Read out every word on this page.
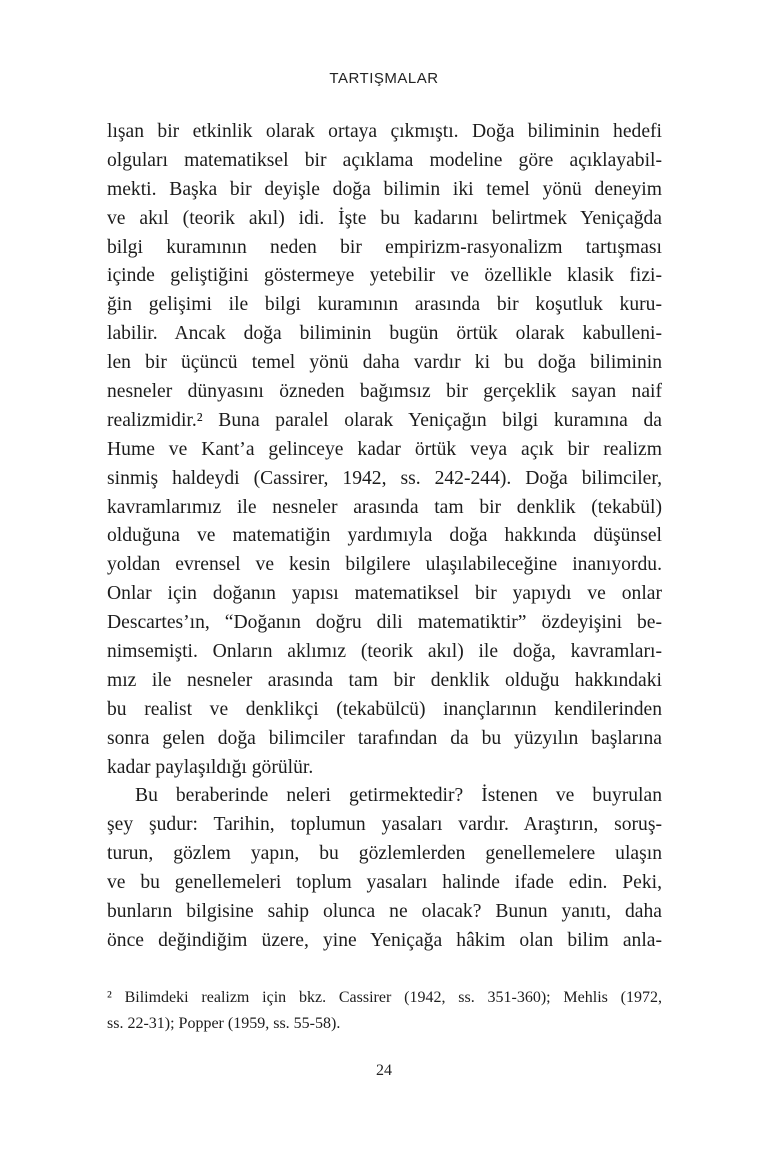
TARTIŞMALAR
lışan bir etkinlik olarak ortaya çıkmıştı. Doğa biliminin hedefi
olguları matematiksel bir açıklama modeline göre açıklayabil-
mekti. Başka bir deyişle doğa bilimin iki temel yönü deneyim
ve akıl (teorik akıl) idi. İşte bu kadarını belirtmek Yeniçağda
bilgi kuramının neden bir empirizm-rasyonalizm tartışması
içinde geliştiğini göstermeye yetebilir ve özellikle klasik fizi-
ğin gelişimi ile bilgi kuramının arasında bir koşutluk kuru-
labilir. Ancak doğa biliminin bugün örtük olarak kabulleni-
len bir üçüncü temel yönü daha vardır ki bu doğa biliminin
nesneler dünyasını özneden bağımsız bir gerçeklik sayan naif
realizmidir.² Buna paralel olarak Yeniçağın bilgi kuramına da
Hume ve Kant’a gelinceye kadar örtük veya açık bir realizm
sinmiş haldeydi (Cassirer, 1942, ss. 242-244). Doğa bilimciler,
kavramlarımız ile nesneler arasında tam bir denklik (tekabül)
olduğuna ve matematiğin yardımıyla doğa hakkında düşünsel
yoldan evrensel ve kesin bilgilere ulaşılabileceğine inanıyordu.
Onlar için doğanın yapısı matematiksel bir yapıydı ve onlar
Descartes’ın, “Doğanın doğru dili matematiktir” özdeyişini be-
nimsemişti. Onların aklımız (teorik akıl) ile doğa, kavramları-
mız ile nesneler arasında tam bir denklik olduğu hakkındaki
bu realist ve denklikçi (tekabülcü) inançlarının kendilerinden
sonra gelen doğa bilimciler tarafından da bu yüzyılın başlarına
kadar paylaşıldığı görülür.
Bu beraberinde neleri getirmektedir? İstenen ve buyrulan
şey şudur: Tarihin, toplumun yasaları vardır. Araştırın, soruş-
turun, gözlem yapın, bu gözlemlerden genellemelere ulaşın
ve bu genellemeleri toplum yasaları halinde ifade edin. Peki,
bunların bilgisine sahip olunca ne olacak? Bunun yanıtı, daha
önce değindiğim üzere, yine Yeniçağa hâkim olan bilim anla-
² Bilimdeki realizm için bkz. Cassirer (1942, ss. 351-360); Mehlis (1972,
ss. 22-31); Popper (1959, ss. 55-58).
24
